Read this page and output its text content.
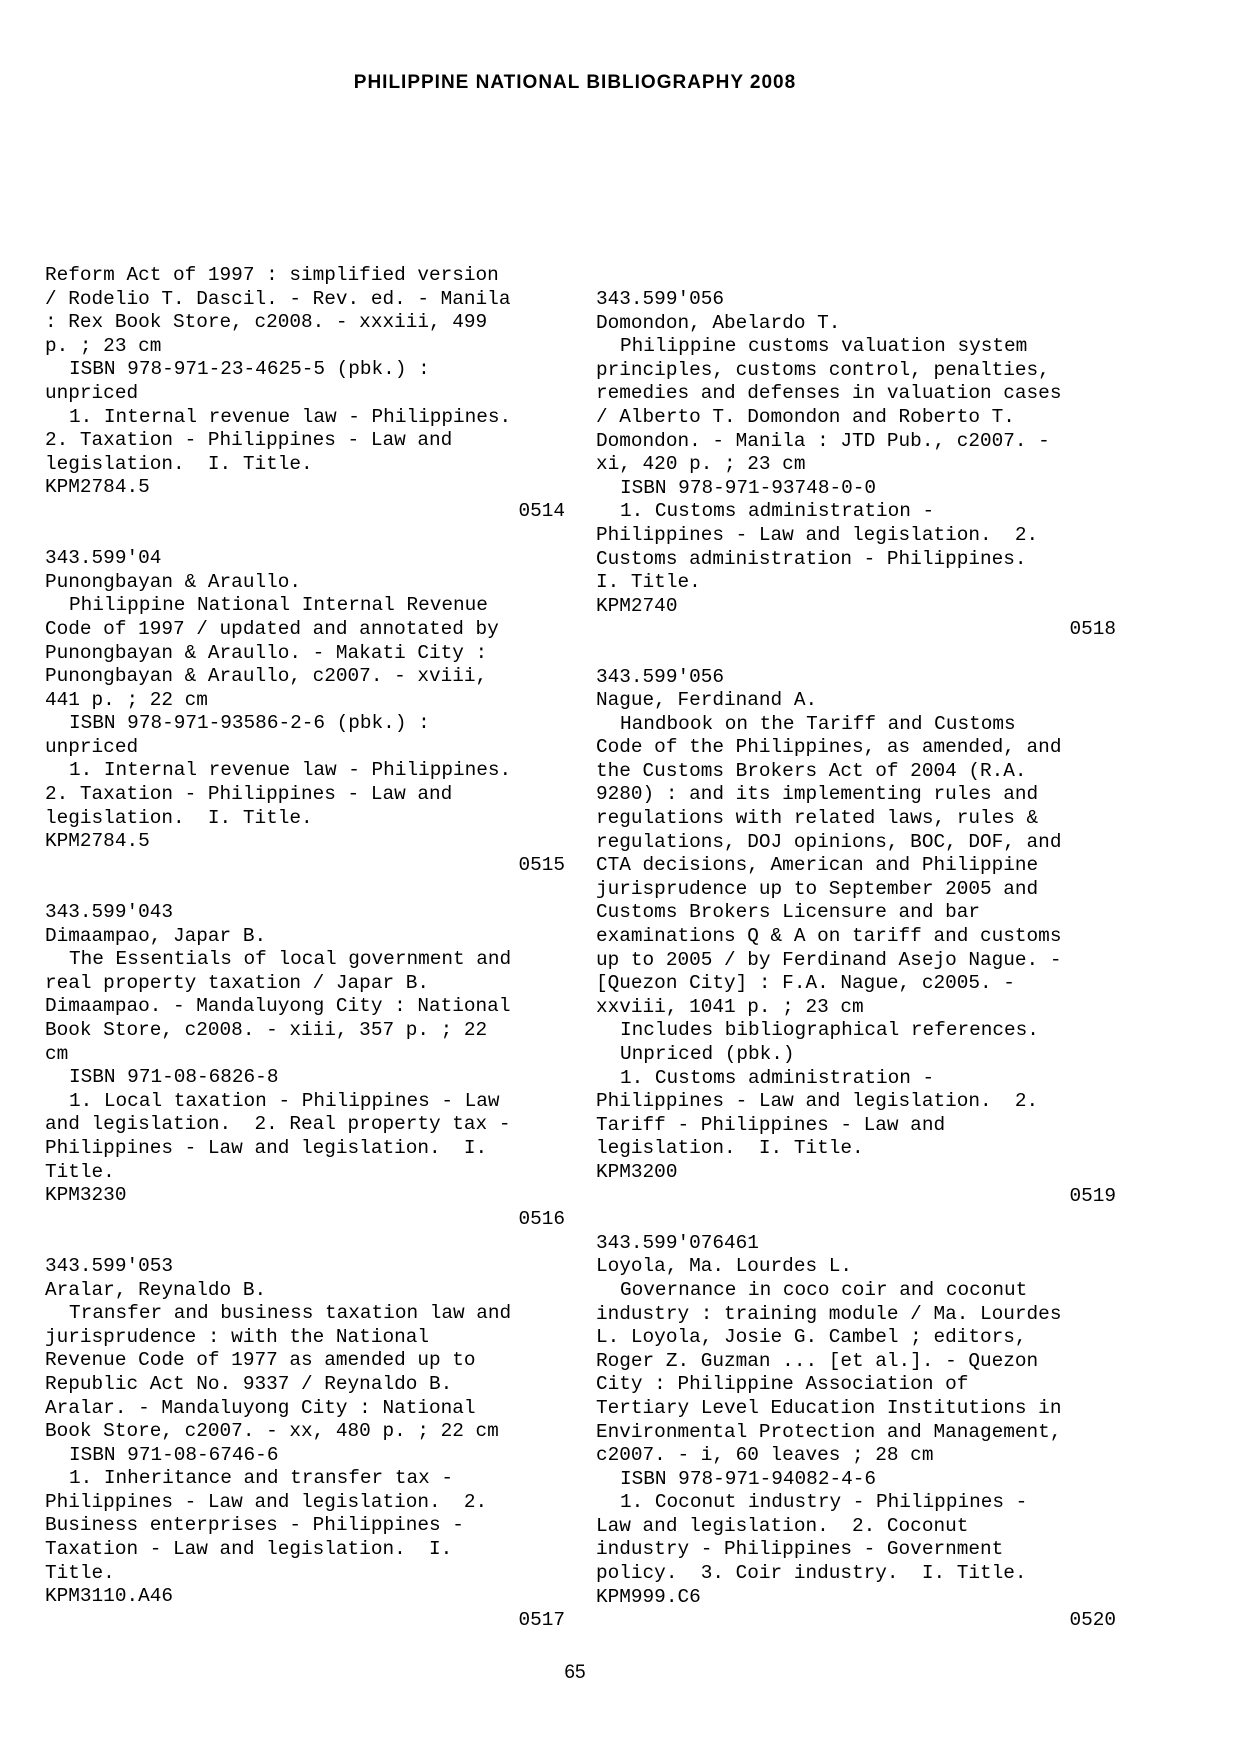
PHILIPPINE NATIONAL BIBLIOGRAPHY 2008
Reform Act of 1997 : simplified version
/ Rodelio T. Dascil. - Rev. ed. - Manila
: Rex Book Store, c2008. - xxxiii, 499
p. ; 23 cm
ISBN 978-971-23-4625-5 (pbk.) :
unpriced
1. Internal revenue law - Philippines.
2. Taxation - Philippines - Law and
legislation.  I. Title.
KPM2784.5
0514
343.599'04
Punongbayan & Araullo.
Philippine National Internal Revenue
Code of 1997 / updated and annotated by
Punongbayan & Araullo. - Makati City :
Punongbayan & Araullo, c2007. - xviii,
441 p. ; 22 cm
ISBN 978-971-93586-2-6 (pbk.) :
unpriced
1. Internal revenue law - Philippines.
2. Taxation - Philippines - Law and
legislation.  I. Title.
KPM2784.5
0515
343.599'043
Dimaampao, Japar B.
The Essentials of local government and
real property taxation / Japar B.
Dimaampao. - Mandaluyong City : National
Book Store, c2008. - xiii, 357 p. ; 22
cm
ISBN 971-08-6826-8
1. Local taxation - Philippines - Law
and legislation.  2. Real property tax -
Philippines - Law and legislation.  I.
Title.
KPM3230
0516
343.599'053
Aralar, Reynaldo B.
Transfer and business taxation law and
jurisprudence : with the National
Revenue Code of 1977 as amended up to
Republic Act No. 9337 / Reynaldo B.
Aralar. - Mandaluyong City : National
Book Store, c2007. - xx, 480 p. ; 22 cm
ISBN 971-08-6746-6
1. Inheritance and transfer tax -
Philippines - Law and legislation.  2.
Business enterprises - Philippines -
Taxation - Law and legislation.  I.
Title.
KPM3110.A46
0517
343.599'056
Domondon, Abelardo T.
Philippine customs valuation system
principles, customs control, penalties,
remedies and defenses in valuation cases
/ Alberto T. Domondon and Roberto T.
Domondon. - Manila : JTD Pub., c2007. -
xi, 420 p. ; 23 cm
ISBN 978-971-93748-0-0
1. Customs administration -
Philippines - Law and legislation.  2.
Customs administration - Philippines.
I. Title.
KPM2740
0518
343.599'056
Nague, Ferdinand A.
Handbook on the Tariff and Customs
Code of the Philippines, as amended, and
the Customs Brokers Act of 2004 (R.A.
9280) : and its implementing rules and
regulations with related laws, rules &
regulations, DOJ opinions, BOC, DOF, and
CTA decisions, American and Philippine
jurisprudence up to September 2005 and
Customs Brokers Licensure and bar
examinations Q & A on tariff and customs
up to 2005 / by Ferdinand Asejo Nague. -
[Quezon City] : F.A. Nague, c2005. -
xxviii, 1041 p. ; 23 cm
Includes bibliographical references.
Unpriced (pbk.)
1. Customs administration -
Philippines - Law and legislation.  2.
Tariff - Philippines - Law and
legislation.  I. Title.
KPM3200
0519
343.599'076461
Loyola, Ma. Lourdes L.
Governance in coco coir and coconut
industry : training module / Ma. Lourdes
L. Loyola, Josie G. Cambel ; editors,
Roger Z. Guzman ... [et al.]. - Quezon
City : Philippine Association of
Tertiary Level Education Institutions in
Environmental Protection and Management,
c2007. - i, 60 leaves ; 28 cm
ISBN 978-971-94082-4-6
1. Coconut industry - Philippines -
Law and legislation.  2. Coconut
industry - Philippines - Government
policy.  3. Coir industry.  I. Title.
KPM999.C6
0520
65
